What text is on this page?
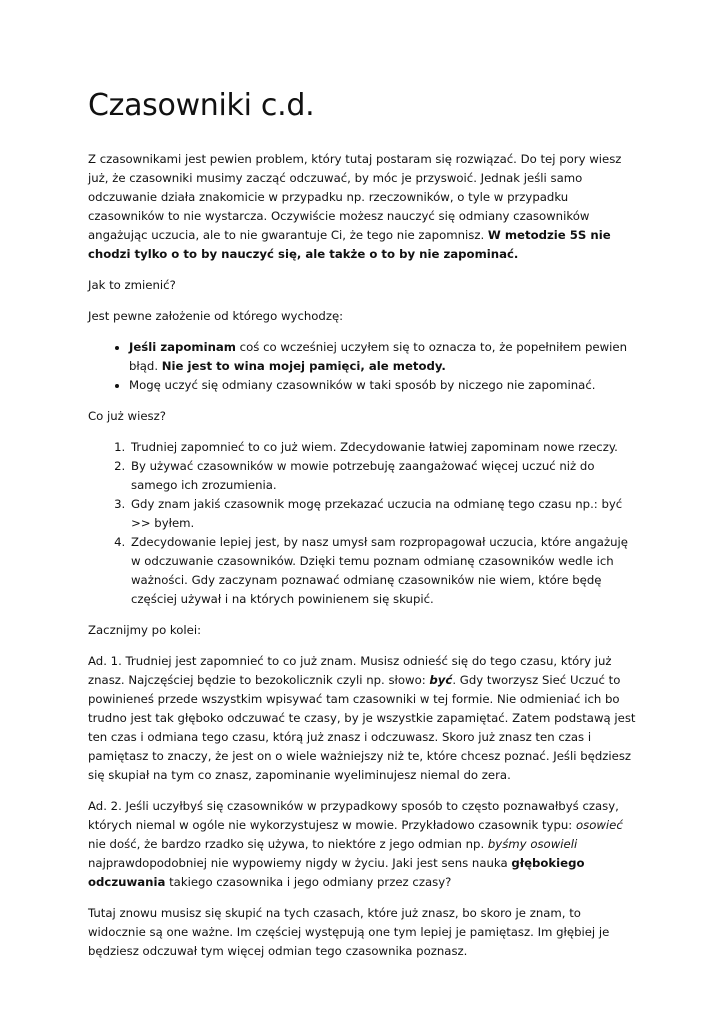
Czasowniki c.d.

Z czasownikami jest pewien problem, który tutaj postaram się rozwiązać. Do tej pory wiesz już, że czasowniki musimy zacząć odczuwać, by móc je przyswoić. Jednak jeśli samo odczuwanie działa znakomicie w przypadku np. rzeczowników, o tyle w przypadku czasowników to nie wystarcza. Oczywiście możesz nauczyć się odmiany czasowników angażując uczucia, ale to nie gwarantuje Ci, że tego nie zapomnisz. W metodzie 5S nie chodzi tylko o to by nauczyć się, ale także o to by nie zapominać.

Jak to zmienić?

Jest pewne założenie od którego wychodzę:

• Jeśli zapominam coś co wcześniej uczyłem się to oznacza to, że popełniłem pewien błąd. Nie jest to wina mojej pamięci, ale metody.
• Mogę uczyć się odmiany czasowników w taki sposób by niczego nie zapominać.

Co już wiesz?

1. Trudniej zapomnieć to co już wiem. Zdecydowanie łatwiej zapominam nowe rzeczy.
2. By używać czasowników w mowie potrzebuję zaangażować więcej uczuć niż do samego ich zrozumienia.
3. Gdy znam jakiś czasownik mogę przekazać uczucia na odmianę tego czasu np.: być >> byłem.
4. Zdecydowanie lepiej jest, by nasz umysł sam rozpropagował uczucia, które angażuję w odczuwanie czasowników. Dzięki temu poznam odmianę czasowników wedle ich ważności. Gdy zaczynam poznawać odmianę czasowników nie wiem, które będę częściej używał i na których powinienem się skupić.

Zacznijmy po kolei:

Ad. 1. Trudniej jest zapomnieć to co już znam. Musisz odnieść się do tego czasu, który już znasz. Najczęściej będzie to bezokolicznik czyli np. słowo: być. Gdy tworzysz Sieć Uczuć to powinieneś przede wszystkim wpisywać tam czasowniki w tej formie. Nie odmieniać ich bo trudno jest tak głęboko odczuwać te czasy, by je wszystkie zapamiętać. Zatem podstawą jest ten czas i odmiana tego czasu, którą już znasz i odczuwasz. Skoro już znasz ten czas i pamiętasz to znaczy, że jest on o wiele ważniejszy niż te, które chcesz poznać. Jeśli będziesz się skupiał na tym co znasz, zapominanie wyeliminujesz niemal do zera.

Ad. 2. Jeśli uczyłbyś się czasowników w przypadkowy sposób to często poznawałbyś czasy, których niemal w ogóle nie wykorzystujesz w mowie. Przykładowo czasownik typu: osowieć nie dość, że bardzo rzadko się używa, to niektóre z jego odmian np. byśmy osowieli najprawdopodobniej nie wypowiemy nigdy w życiu. Jaki jest sens nauka głębokiego odczuwania takiego czasownika i jego odmiany przez czasy?

Tutaj znowu musisz się skupić na tych czasach, które już znasz, bo skoro je znam, to widocznie są one ważne. Im częściej występują one tym lepiej je pamiętasz. Im głębiej je będziesz odczuwał tym więcej odmian tego czasownika poznasz.
